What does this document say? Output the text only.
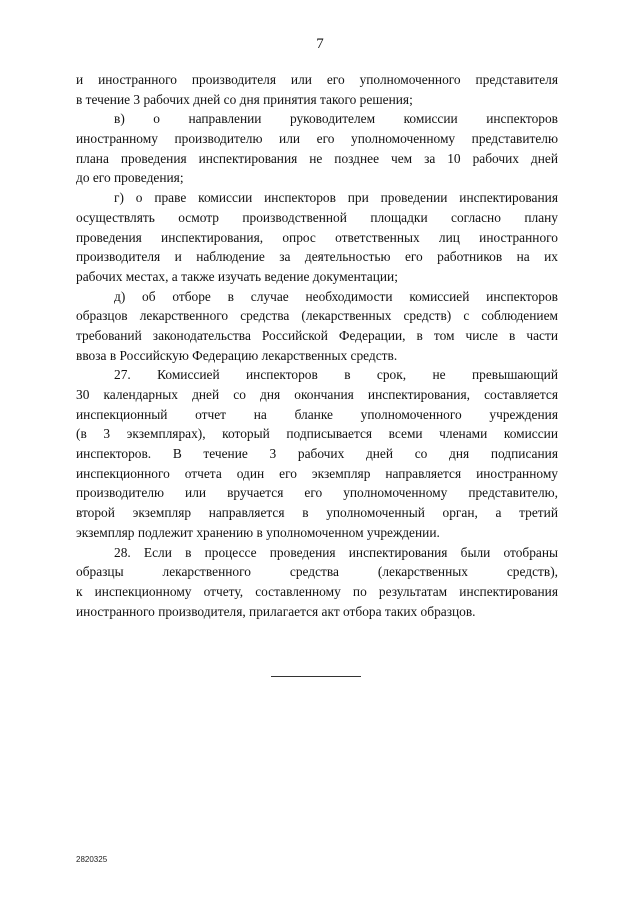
7
и иностранного производителя или его уполномоченного представителя
в течение 3 рабочих дней со дня принятия такого решения;
в) о направлении руководителем комиссии инспекторов
иностранному производителю или его уполномоченному представителю
плана проведения инспектирования не позднее чем за 10 рабочих дней
до его проведения;
г) о праве комиссии инспекторов при проведении инспектирования
осуществлять осмотр производственной площадки согласно плану
проведения инспектирования, опрос ответственных лиц иностранного
производителя и наблюдение за деятельностью его работников на их
рабочих местах, а также изучать ведение документации;
д) об отборе в случае необходимости комиссией инспекторов
образцов лекарственного средства (лекарственных средств) с соблюдением
требований законодательства Российской Федерации, в том числе в части
ввоза в Российскую Федерацию лекарственных средств.
27. Комиссией инспекторов в срок, не превышающий
30 календарных дней со дня окончания инспектирования, составляется
инспекционный отчет на бланке уполномоченного учреждения
(в 3 экземплярах), который подписывается всеми членами комиссии
инспекторов. В течение 3 рабочих дней со дня подписания
инспекционного отчета один его экземпляр направляется иностранному
производителю или вручается его уполномоченному представителю,
второй экземпляр направляется в уполномоченный орган, а третий
экземпляр подлежит хранению в уполномоченном учреждении.
28. Если в процессе проведения инспектирования были отобраны
образцы лекарственного средства (лекарственных средств),
к инспекционному отчету, составленному по результатам инспектирования
иностранного производителя, прилагается акт отбора таких образцов.
2820325
